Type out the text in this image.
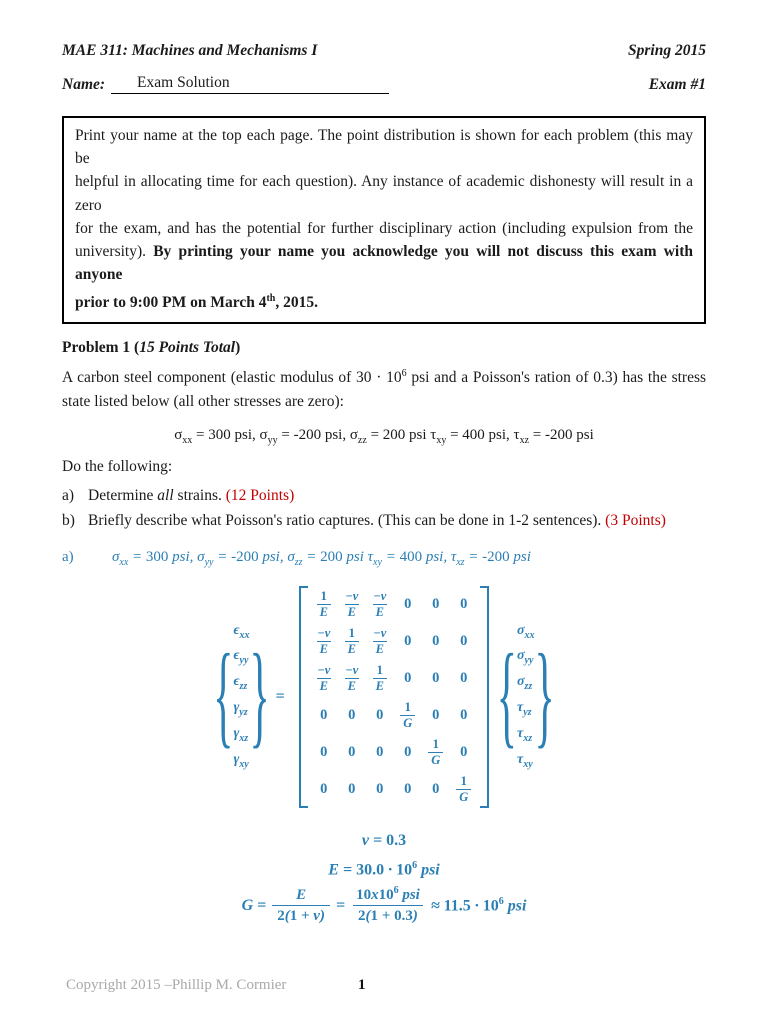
MAE 311: Machines and Mechanisms I	Spring 2015
Name:	Exam Solution	Exam #1
Print your name at the top each page. The point distribution is shown for each problem (this may be
helpful in allocating time for each question). Any instance of academic dishonesty will result in a zero
for the exam, and has the potential for further disciplinary action (including expulsion from the
university). By printing your name you acknowledge you will not discuss this exam with anyone
prior to 9:00 PM on March 4th, 2015.
Problem 1 (15 Points Total)
A carbon steel component (elastic modulus of $30 \cdot 10^6$ psi and a Poisson's ration of 0.3) has the stress
state listed below (all other stresses are zero):
$\sigma_{xx} = 300$ psi, $\sigma_{yy} = -200$ psi, $\sigma_{zz} = 200$ psi $\tau_{xy} = 400$ psi, $\tau_{xz} = -200$ psi
Do the following:
a) Determine all strains. (12 Points)
b) Briefly describe what Poisson's ratio captures. (This can be done in 1-2 sentences). (3 Points)
a)	$\sigma_{xx} = 300$ psi, $\sigma_{yy} = -200$ psi, $\sigma_{zz} = 200$ psi $\tau_{xy} = 400$ psi, $\tau_{xz} = -200$ psi
{
$\epsilon_{xx}$
$\epsilon_{yy}$
$\epsilon_{zz}$
$\gamma_{yz}$
$\gamma_{xz}$
$\gamma_{xy}$
} =
$\frac{1}{E} \frac{-v}{E} \frac{-v}{E} 0$ 0 0
$\frac{-v}{E} \frac{1}{E} \frac{-v}{E} 0$ 0 0
$\frac{-v}{E} \frac{-v}{E} \frac{1}{E} 0$ 0 0
0 0 $0 \frac{1}{G} 0$ 0
0 0 0 $0 \frac{1}{G} 0$
0 0 0 0 $0 \frac{1}{G}$
{
$\sigma_{xx}$
$\sigma_{yy}$
$\sigma_{zz}$
$\tau_{yz}$
$\tau_{xz}$
$\tau_{xy}$
}
v = 0.3
$E = 30.0 \cdot 10^6$ psi
$G = \frac{E}{2(1 + v)}$ =
$10x10^6$ psi
2(1 + 0.3)
≈ $11.5 \cdot 10^6$ psi
Copyright 2015 –Phillip M. Cormier	1
